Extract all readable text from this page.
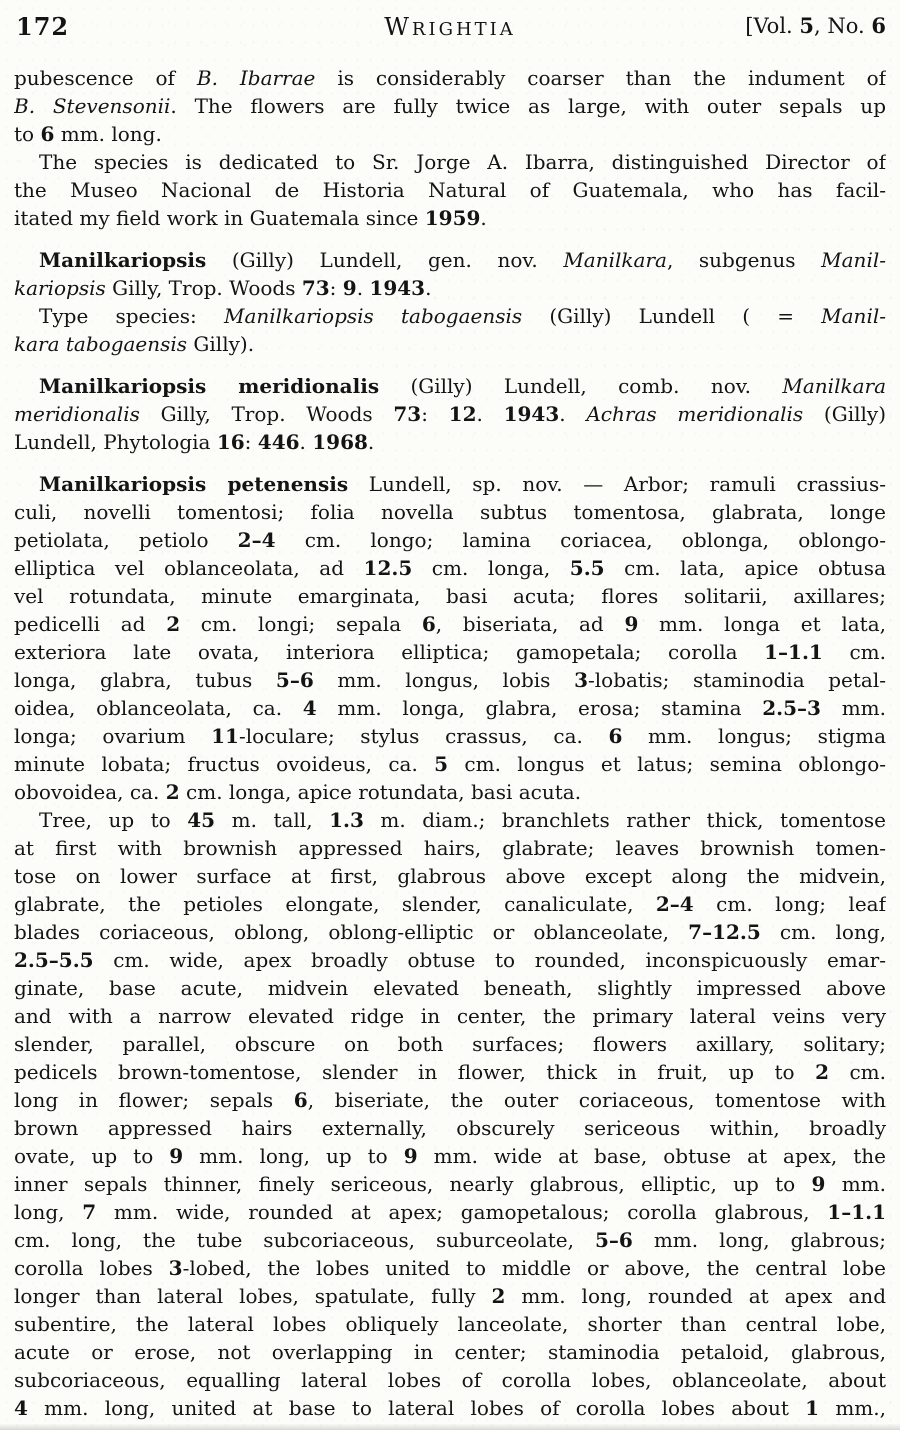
172	WRIGHTIA	[Vol. 5, No. 6
pubescence of B. Ibarrae is considerably coarser than the indument of
B. Stevensonii. The flowers are fully twice as large, with outer sepals up
to 6 mm. long.
The species is dedicated to Sr. Jorge A. Ibarra, distinguished Director of
the Museo Nacional de Historia Natural of Guatemala, who has facil-
itated my field work in Guatemala since 1959.
Manilkariopsis (Gilly) Lundell, gen. nov. Manilkara, subgenus Manil-
kariopsis Gilly, Trop. Woods 73: 9. 1943.
Type species: Manilkariopsis tabogaensis (Gilly) Lundell ( = Manil-
kara tabogaensis Gilly).
Manilkariopsis meridionalis (Gilly) Lundell, comb. nov. Manilkara
meridionalis Gilly, Trop. Woods 73: 12. 1943. Achras meridionalis (Gilly)
Lundell, Phytologia 16: 446. 1968.
Manilkariopsis petenensis Lundell, sp. nov. — Arbor; ramuli crassius-
culi, novelli tomentosi; folia novella subtus tomentosa, glabrata, longe
petiolata, petiolo 2–4 cm. longo; lamina coriacea, oblonga, oblongo-
elliptica vel oblanceolata, ad 12.5 cm. longa, 5.5 cm. lata, apice obtusa
vel rotundata, minute emarginata, basi acuta; flores solitarii, axillares;
pedicelli ad 2 cm. longi; sepala 6, biseriata, ad 9 mm. longa et lata,
exteriora late ovata, interiora elliptica; gamopetala; corolla 1–1.1 cm.
longa, glabra, tubus 5–6 mm. longus, lobis 3-lobatis; staminodia petal-
oidea, oblanceolata, ca. 4 mm. longa, glabra, erosa; stamina 2.5–3 mm.
longa; ovarium 11-loculare; stylus crassus, ca. 6 mm. longus; stigma
minute lobata; fructus ovoideus, ca. 5 cm. longus et latus; semina oblongo-
obovoidea, ca. 2 cm. longa, apice rotundata, basi acuta.
Tree, up to 45 m. tall, 1.3 m. diam.; branchlets rather thick, tomentose
at first with brownish appressed hairs, glabrate; leaves brownish tomen-
tose on lower surface at first, glabrous above except along the midvein,
glabrate, the petioles elongate, slender, canaliculate, 2–4 cm. long; leaf
blades coriaceous, oblong, oblong-elliptic or oblanceolate, 7–12.5 cm. long,
2.5–5.5 cm. wide, apex broadly obtuse to rounded, inconspicuously emar-
ginate, base acute, midvein elevated beneath, slightly impressed above
and with a narrow elevated ridge in center, the primary lateral veins very
slender, parallel, obscure on both surfaces; flowers axillary, solitary;
pedicels brown-tomentose, slender in flower, thick in fruit, up to 2 cm.
long in flower; sepals 6, biseriate, the outer coriaceous, tomentose with
brown appressed hairs externally, obscurely sericeous within, broadly
ovate, up to 9 mm. long, up to 9 mm. wide at base, obtuse at apex, the
inner sepals thinner, finely sericeous, nearly glabrous, elliptic, up to 9 mm.
long, 7 mm. wide, rounded at apex; gamopetalous; corolla glabrous, 1–1.1
cm. long, the tube subcoriaceous, suburceolate, 5–6 mm. long, glabrous;
corolla lobes 3-lobed, the lobes united to middle or above, the central lobe
longer than lateral lobes, spatulate, fully 2 mm. long, rounded at apex and
subentire, the lateral lobes obliquely lanceolate, shorter than central lobe,
acute or erose, not overlapping in center; staminodia petaloid, glabrous,
subcoriaceous, equalling lateral lobes of corolla lobes, oblanceolate, about
4 mm. long, united at base to lateral lobes of corolla lobes about 1 mm.,
